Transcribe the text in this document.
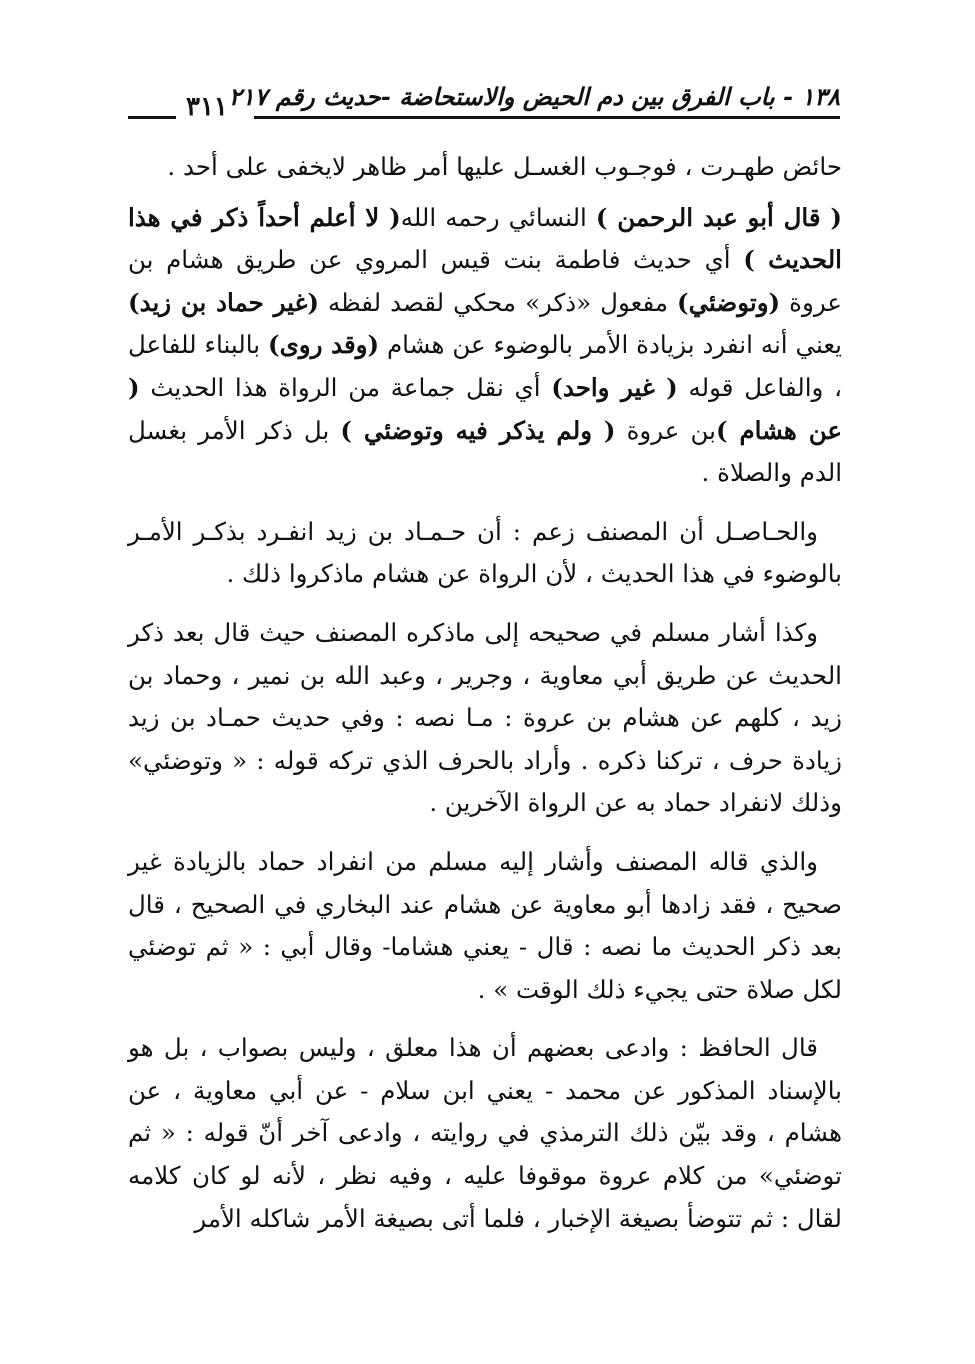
٣١١ ١٣٨ - باب الفرق بين دم الحيض والاستحاضة -حديث رقم ٢١٧

حائض طهـرت ، فوجـوب الغسـل عليها أمر ظاهر لايخفى على أحد .

( قال أبو عبد الرحمن ) النسائي رحمه الله( لا أعلم أحداً ذكر في هذا الحديث ) أي حديث فاطمة بنت قيس المروي عن طريق هشام بن عروة (وتوضئي) مفعول «ذكر» محكي لقصد لفظه (غير حماد بن زيد) يعني أنه انفرد بزيادة الأمر بالوضوء عن هشام (وقد روى) بالبناء للفاعل ، والفاعل قوله ( غير واحد) أي نقل جماعة من الرواة هذا الحديث ( عن هشام )بن عروة ( ولم يذكر فيه وتوضئي ) بل ذكر الأمر بغسل الدم والصلاة .

والحـاصـل أن المصنف زعم : أن حـمـاد بن زيد انفـرد بذكـر الأمـر بالوضوء في هذا الحديث ، لأن الرواة عن هشام ماذكروا ذلك .

وكذا أشار مسلم في صحيحه إلى ماذكره المصنف حيث قال بعد ذكر الحديث عن طريق أبي معاوية ، وجرير ، وعبد الله بن نمير ، وحماد بن زيد ، كلهم عن هشام بن عروة : مـا نصه : وفي حديث حمـاد بن زيد زيادة حرف ، تركنا ذكره . وأراد بالحرف الذي تركه قوله : « وتوضئي» وذلك لانفراد حماد به عن الرواة الآخرين .

والذي قاله المصنف وأشار إليه مسلم من انفراد حماد بالزيادة غير صحيح ، فقد زادها أبو معاوية عن هشام عند البخاري في الصحيح ، قال بعد ذكر الحديث ما نصه : قال - يعني هشاما- وقال أبي : « ثم توضئي لكل صلاة حتى يجيء ذلك الوقت » .

قال الحافظ : وادعى بعضهم أن هذا معلق ، وليس بصواب ، بل هو بالإسناد المذكور عن محمد - يعني ابن سلام - عن أبي معاوية ، عن هشام ، وقد بيّن ذلك الترمذي في روايته ، وادعى آخر أنّ قوله : « ثم توضئي» من كلام عروة موقوفا عليه ، وفيه نظر ، لأنه لو كان كلامه لقال : ثم تتوضأ بصيغة الإخبار ، فلما أتى بصيغة الأمر شاكله الأمر
